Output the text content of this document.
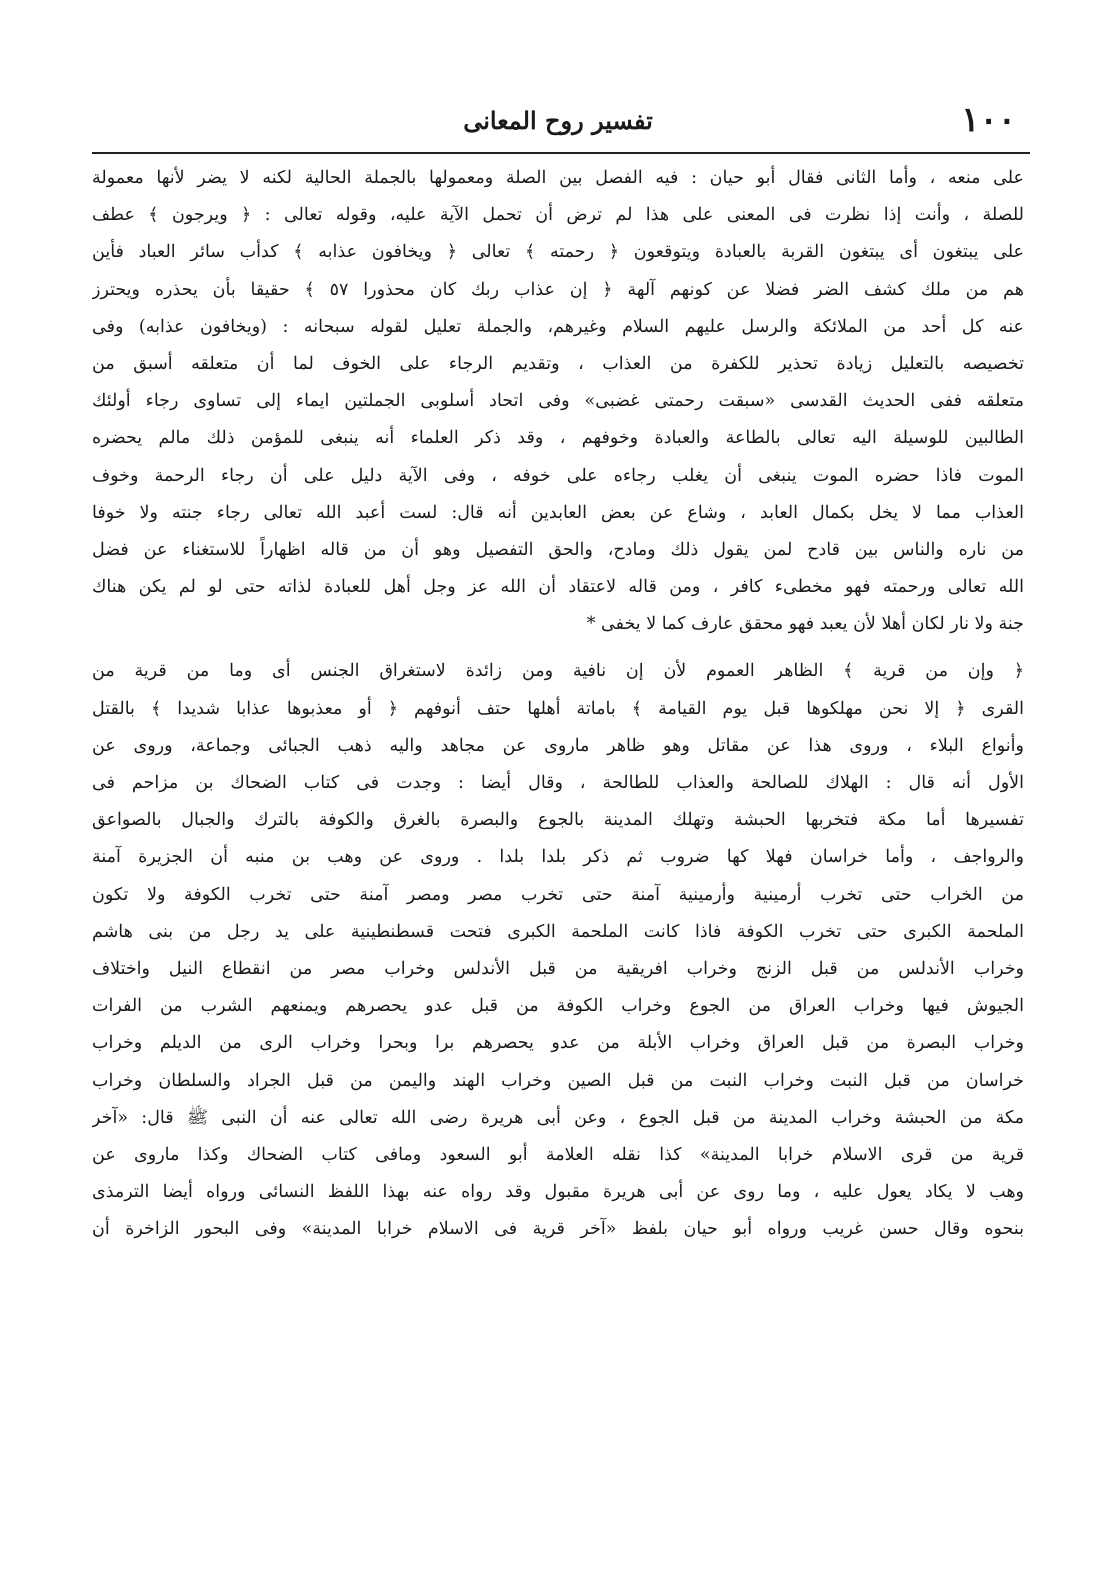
١٠٠
تفسير روح المعانى
على منعه ، وأما الثانى فقال أبو حيان : فيه الفصل بين الصلة ومعمولها بالجملة الحالية لكنه لا يضر لأنها معمولة
للصلة ، وأنت إذا نظرت فى المعنى على هذا لم ترض أن تحمل الآية عليه، وقوله تعالى : ﴿ ويرجون ﴾ عطف
على يبتغون أى يبتغون القربة بالعبادة ويتوقعون ﴿ رحمته ﴾ تعالى ﴿ ويخافون عذابه ﴾ كدأب سائر العباد فأين
هم من ملك كشف الضر فضلا عن كونهم آلهة ﴿ إن عذاب ربك كان محذورا ٥٧ ﴾ حقيقا بأن يحذره ويحترز
عنه كل أحد من الملائكة والرسل عليهم السلام وغيرهم، والجملة تعليل لقوله سبحانه : (ويخافون عذابه) وفى
تخصيصه بالتعليل زيادة تحذير للكفرة من العذاب ، وتقديم الرجاء على الخوف لما أن متعلقه أسبق من
متعلقه ففى الحديث القدسى «سبقت رحمتى غضبى» وفى اتحاد أسلوبى الجملتين ايماء إلى تساوى رجاء أولئك
الطالبين للوسيلة اليه تعالى بالطاعة والعبادة وخوفهم ، وقد ذكر العلماء أنه ينبغى للمؤمن ذلك مالم يحضره
الموت فاذا حضره الموت ينبغى أن يغلب رجاءه على خوفه ، وفى الآية دليل على أن رجاء الرحمة وخوف
العذاب مما لا يخل بكمال العابد ، وشاع عن بعض العابدين أنه قال: لست أعبد الله تعالى رجاء جنته ولا خوفا
من ناره والناس بين قادح لمن يقول ذلك ومادح، والحق التفصيل وهو أن من قاله اظهاراً للاستغناء عن فضل
الله تعالى ورحمته فهو مخطىء كافر ، ومن قاله لاعتقاد أن الله عز وجل أهل للعبادة لذاته حتى لو لم يكن هناك
جنة ولا نار لكان أهلا لأن يعبد فهو محقق عارف كما لا يخفى *
﴿ وإن من قرية ﴾ الظاهر العموم لأن إن نافية ومن زائدة لاستغراق الجنس أى وما من قرية من
القرى ﴿ إلا نحن مهلكوها قبل يوم القيامة ﴾ باماتة أهلها حتف أنوفهم ﴿ أو معذبوها عذابا شديدا ﴾ بالقتل
وأنواع البلاء ، وروى هذا عن مقاتل وهو ظاهر ماروى عن مجاهد واليه ذهب الجبائى وجماعة، وروى عن
الأول أنه قال : الهلاك للصالحة والعذاب للطالحة ، وقال أيضا : وجدت فى كتاب الضحاك بن مزاحم فى
تفسيرها أما مكة فتخربها الحبشة وتهلك المدينة بالجوع والبصرة بالغرق والكوفة بالترك والجبال بالصواعق
والرواجف ، وأما خراسان فهلا كها ضروب ثم ذكر بلدا بلدا . وروى عن وهب بن منبه أن الجزيرة آمنة
من الخراب حتى تخرب أرمينية وأرمينية آمنة حتى تخرب مصر ومصر آمنة حتى تخرب الكوفة ولا تكون
الملحمة الكبرى حتى تخرب الكوفة فاذا كانت الملحمة الكبرى فتحت قسطنطينية على يد رجل من بنى هاشم
وخراب الأندلس من قبل الزنج وخراب افريقية من قبل الأندلس وخراب مصر من انقطاع النيل واختلاف
الجيوش فيها وخراب العراق من الجوع وخراب الكوفة من قبل عدو يحصرهم ويمنعهم الشرب من الفرات
وخراب البصرة من قبل العراق وخراب الأبلة من عدو يحصرهم برا وبحرا وخراب الرى من الديلم وخراب
خراسان من قبل النبت وخراب النبت من قبل الصين وخراب الهند واليمن من قبل الجراد والسلطان وخراب
مكة من الحبشة وخراب المدينة من قبل الجوع ، وعن أبى هريرة رضى الله تعالى عنه أن النبى ﷺ قال: «آخر
قرية من قرى الاسلام خرابا المدينة» كذا نقله العلامة أبو السعود ومافى كتاب الضحاك وكذا ماروى عن
وهب لا يكاد يعول عليه ، وما روى عن أبى هريرة مقبول وقد رواه عنه بهذا اللفظ النسائى ورواه أيضا الترمذى
بنحوه وقال حسن غريب ورواه أبو حيان بلفظ «آخر قرية فى الاسلام خرابا المدينة» وفى البحور الزاخرة أن
